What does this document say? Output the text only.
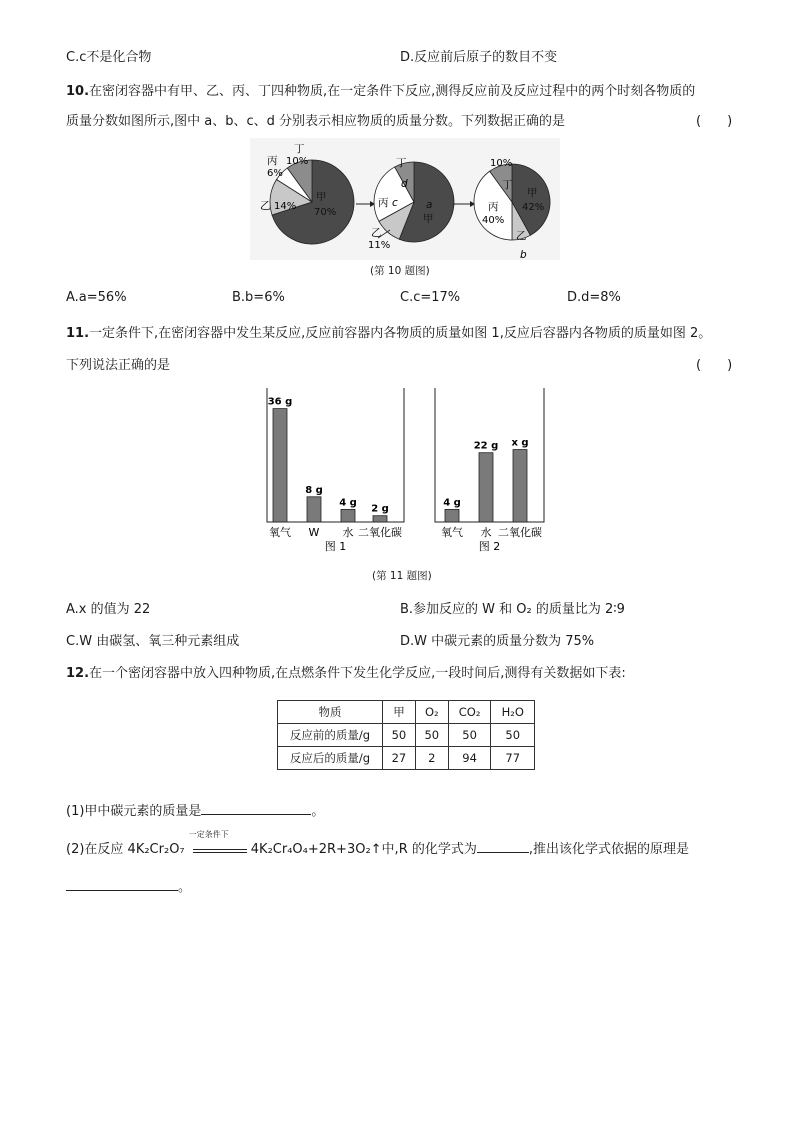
C.c不是化合物	D.反应前后原子的数目不变
10.在密闭容器中有甲、乙、丙、丁四种物质,在一定条件下反应,测得反应前及反应过程中的两个时刻各物质的
质量分数如图所示,图中 a、b、c、d 分别表示相应物质的质量分数。下列数据正确的是	(　　)
丁
10%
丙
6%
乙 14%
甲
70%
丁
d
丙 c	a
甲
乙
11%
10%
丁
甲
42%
丙
40%
乙
b
(第 10 题图)
A.a=56%	B.b=6%	C.c=17%	D.d=8%
11.一定条件下,在密闭容器中发生某反应,反应前容器内各物质的质量如图 1,反应后容器内各物质的质量如图 2。
下列说法正确的是	(　　)
36 g
氧气
8 g
W
4 g
水
2 g
二氧化碳
图 1
4 g
氧气
22 g
水
x g
二氧化碳
图 2
(第 11 题图)
A.x 的值为 22	B.参加反应的 W 和 O₂ 的质量比为 2∶9
C.W 由碳氢、氧三种元素组成	D.W 中碳元素的质量分数为 75%
12.在一个密闭容器中放入四种物质,在点燃条件下发生化学反应,一段时间后,测得有关数据如下表:
物质	甲	O₂	CO₂	H₂O
反应前的质量/g	50	50	50	50
反应后的质量/g	27	2	94	77
(1)甲中碳元素的质量是	。
(2)在反应 4K₂Cr₂O₇
一定条件下
4K₂Cr₄O₄+2R+3O₂↑中,R 的化学式为	,推出该化学式依据的原理是
。
